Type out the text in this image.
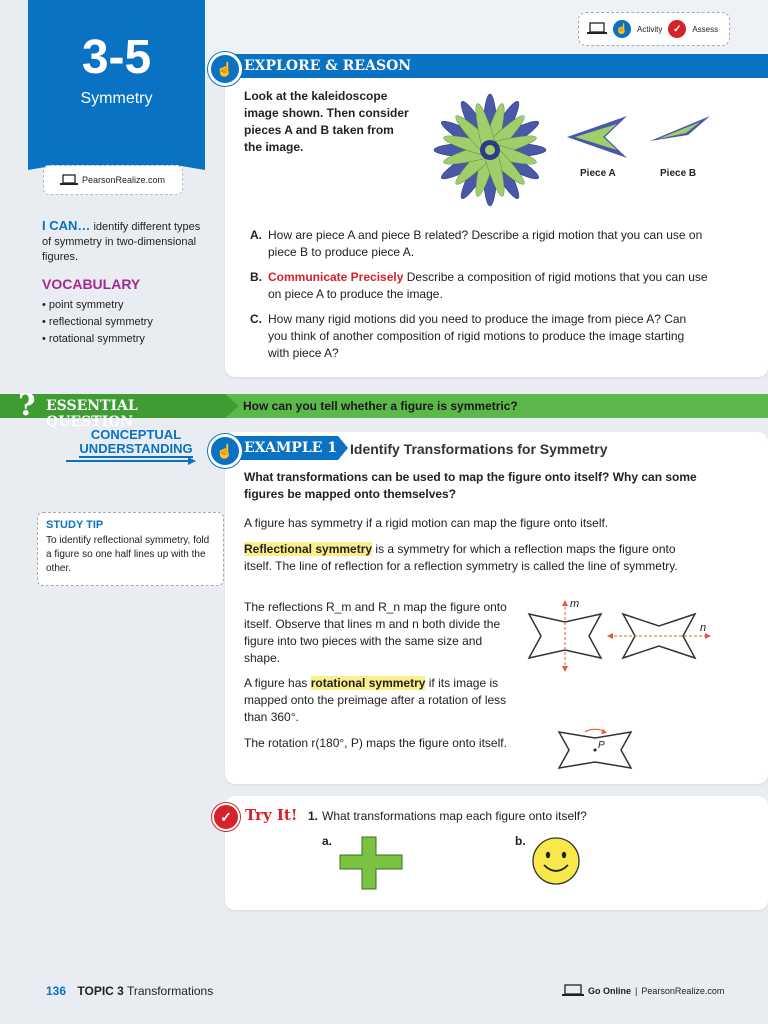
3-5
Symmetry
PearsonRealize.com
☝	Activity	✓	Assess
EXPLORE & REASON
☝
Look at the kaleidoscope image shown. Then consider pieces A and B taken from the image.
Piece A	Piece B
A. How are piece A and piece B related? Describe a rigid motion that you can use on piece B to produce piece A.
B. Communicate Precisely Describe a composition of rigid motions that you can use on piece A to produce the image.
C. How many rigid motions did you need to produce the image from piece A? Can you think of another composition of rigid motions to produce the image starting with piece A?
I CAN… identify different types of symmetry in two-dimensional figures.
VOCABULARY
• point symmetry
• reflectional symmetry
• rotational symmetry
ESSENTIAL QUESTION
?	How can you tell whether a figure is symmetric?
CONCEPTUAL
UNDERSTANDING
STUDY TIP
To identify reflectional symmetry, fold a figure so one half lines up with the other.
EXAMPLE 1
☝	Identify Transformations for Symmetry
What transformations can be used to map the figure onto itself? Why can some figures be mapped onto themselves?
A figure has symmetry if a rigid motion can map the figure onto itself.
Reflectional symmetry is a symmetry for which a reflection maps the figure onto itself. The line of reflection for a reflection symmetry is called the line of symmetry.
The reflections R_m and R_n map the figure onto itself. Observe that lines m and n both divide the figure into two pieces with the same size and shape.
A figure has rotational symmetry if its image is mapped onto the preimage after a rotation of less than 360°.
The rotation r(180°, P) maps the figure onto itself.
m
n
P
✓ Try It! 1. What transformations map each figure onto itself?
a.	b.
136 TOPIC 3 Transformations	Go Online | PearsonRealize.com
